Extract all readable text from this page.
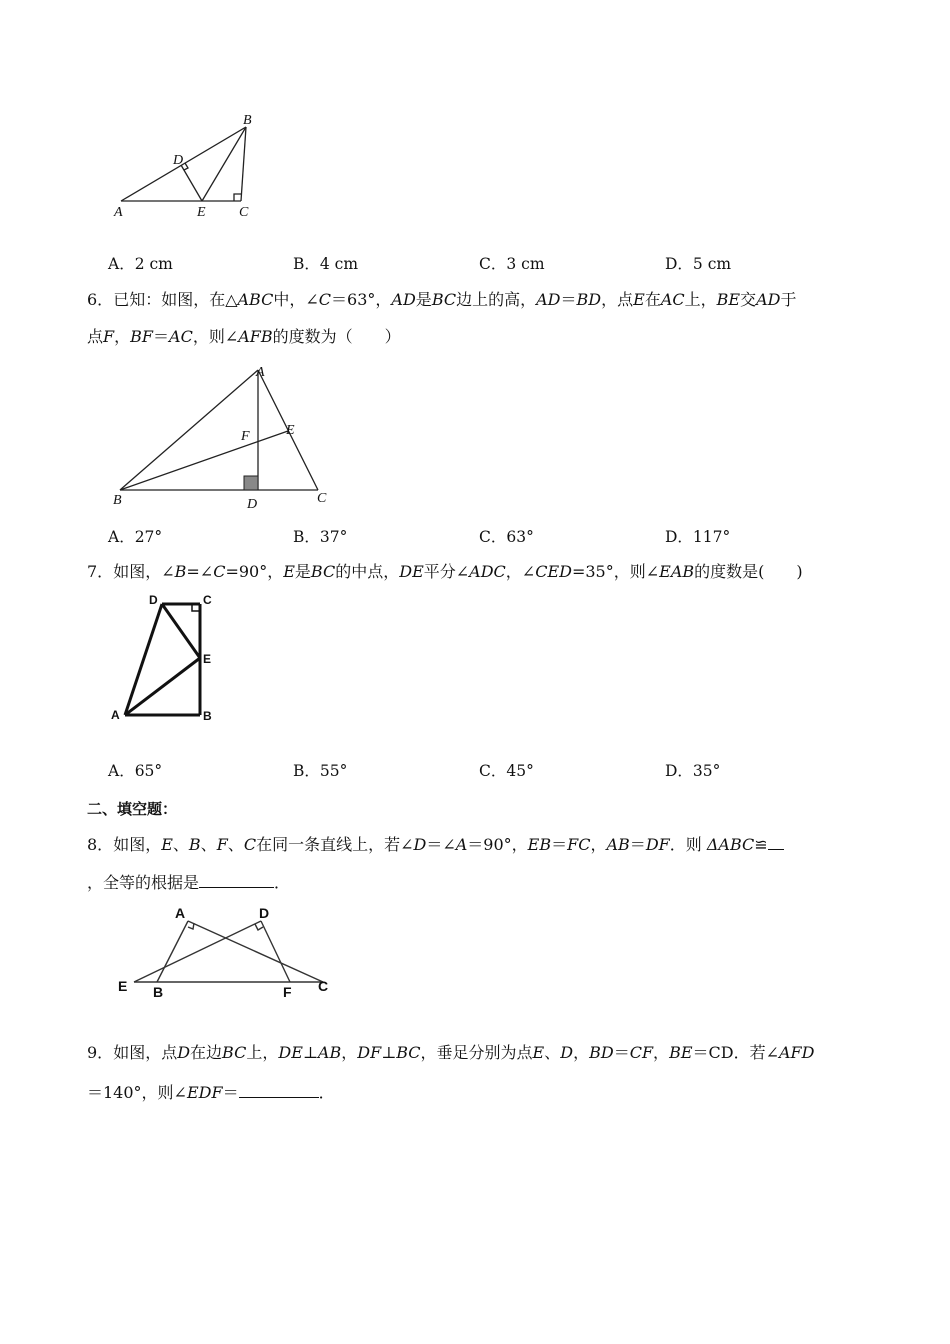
B
D
A	E C
A．2 cm	B．4 cm	C．3 cm	D．5 cm
6．已知：如图，在△ABC中，∠C＝63°，AD是BC边上的高，AD＝BD，点E在AC上，BE交AD于
点F，BF＝AC，则∠AFB的度数为（　　）
A
F	E
B	D	C
A．27°	B．37°	C．63°	D．117°
7．如图，∠B=∠C=90°，E是BC的中点，DE平分∠ADC，∠CED=35°，则∠EAB的度数是(　　)
D	C
E
A	B
A．65°	B．55°	C．45°	D．35°
二、填空题：
8．如图，E、B、F、C在同一条直线上，若∠D＝∠A＝90°，EB＝FC，AB＝DF．则 ΔABC≌
，全等的根据是	．
A	D
E B	F C
9．如图，点D在边BC上，DE⊥AB，DF⊥BC，垂足分别为点E、D，BD＝CF，BE＝CD．若∠AFD
＝140°，则∠EDF＝	．
